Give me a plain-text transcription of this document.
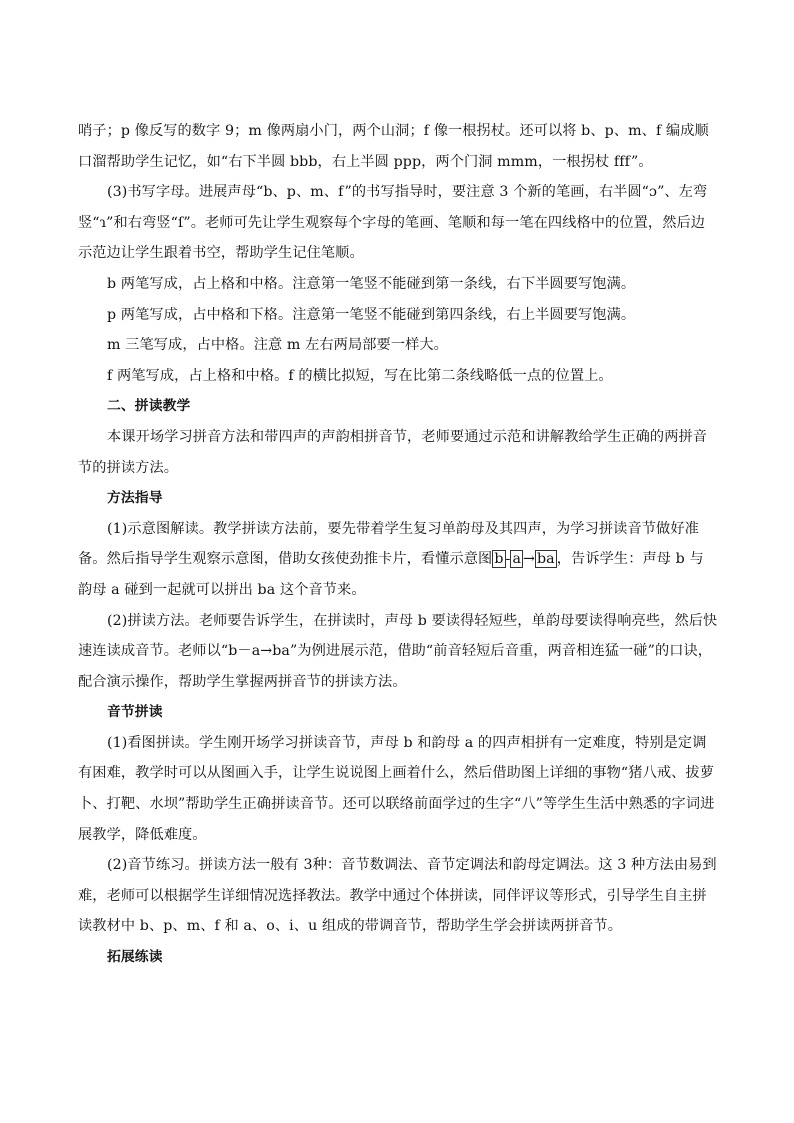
哨子；p 像反写的数字 9；m 像两扇小门，两个山洞；f 像一根拐杖。还可以将 b、p、m、f 编成顺口溜帮助学生记忆，如“右下半圆 bbb，右上半圆 ppp，两个门洞 mmm，一根拐杖 fff”。

(3)书写字母。进展声母“b、p、m、f”的书写指导时，要注意 3 个新的笔画，右半圆“ɔ”、左弯竖“ɿ”和右弯竖“ſ”。老师可先让学生观察每个字母的笔画、笔顺和每一笔在四线格中的位置，然后边示范边让学生跟着书空，帮助学生记住笔顺。

b 两笔写成，占上格和中格。注意第一笔竖不能碰到第一条线，右下半圆要写饱满。

p 两笔写成，占中格和下格。注意第一笔竖不能碰到第四条线，右上半圆要写饱满。

m 三笔写成，占中格。注意 m 左右两局部要一样大。

f 两笔写成，占上格和中格。f 的横比拟短，写在比第二条线略低一点的位置上。

二、拼读教学

本课开场学习拼音方法和带四声的声韵相拼音节，老师要通过示范和讲解教给学生正确的两拼音节的拼读方法。

方法指导

(1)示意图解读。教学拼读方法前，要先带着学生复习单韵母及其四声，为学习拼读音节做好准备。然后指导学生观察示意图，借助女孩使劲推卡片，看懂示意图 b - a → ba ，告诉学生：声母 b 与韵母 a 碰到一起就可以拼出 ba 这个音节来。

(2)拼读方法。老师要告诉学生，在拼读时，声母 b 要读得轻短些，单韵母要读得响亮些，然后快速连读成音节。老师以“b－a→ba”为例进展示范，借助“前音轻短后音重，两音相连猛一碰”的口诀，配合演示操作，帮助学生掌握两拼音节的拼读方法。

音节拼读

(1)看图拼读。学生刚开场学习拼读音节，声母 b 和韵母 a 的四声相拼有一定难度，特别是定调有困难，教学时可以从图画入手，让学生说说图上画着什么，然后借助图上详细的事物“猪八戒、拔萝卜、打靶、水坝”帮助学生正确拼读音节。还可以联络前面学过的生字“八”等学生生活中熟悉的字词进展教学，降低难度。

(2)音节练习。拼读方法一般有 3种：音节数调法、音节定调法和韵母定调法。这 3 种方法由易到难，老师可以根据学生详细情况选择教法。教学中通过个体拼读，同伴评议等形式，引导学生自主拼读教材中 b、p、m、f 和 a、o、i、u 组成的带调音节，帮助学生学会拼读两拼音节。

拓展练读
